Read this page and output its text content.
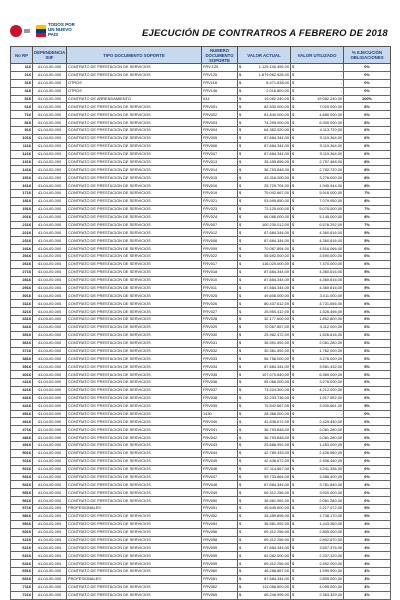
TODOS POR UN NUEVO PAÍS	EJECUCIÓN DE CONTRATROS A FEBRERO DE 2018
No RP	DEPENDENCIA SIIF	TIPO DOCUMENTO SOPORTE	NUMERO DOCUMENTO SOPORTE	VALOR ACTUAL		VALOR UTILIZADO		% EJECUCIÓN OBLIGACIONES
116	41-04-00-000	CONTRATO DE PRESTACION DE SERVICIOS	FRV-125	$	1.129.140.455,00	$	-	0%
216	41-04-00-000	CONTRATO DE PRESTACION DE SERVICIOS	FRV125	$	1.879.062.528,00	$	-	0%
316	41-04-00-000	OTROS	FRV118	$	8.471.838,00	$	-	0%
416	41-04-00-000	OTROS	FRV146	$	2.016.800,00	$	-	0%
516	41-04-00-000	CONTRATO DE ARRENDAMIENTO	034	$	19.082.240,00	$	19.082.240,00	100%
616	41-04-00-000	CONTRATO DE PRESTACION DE SERVICIOS	FRV001	$	82.830.000,00	$	7.020.000,00	8%
716	41-04-00-000	CONTRATO DE PRESTACION DE SERVICIOS	FRV002	$	81.840.000,00	$	4.680.000,00	6%
816	41-04-00-000	CONTRATO DE PRESTACION DE SERVICIOS	FRV003	$	74.295.000,00	$	6.300.000,00	8%
916	41-04-00-000	CONTRATO DE PRESTACION DE SERVICIOS	FRV004	$	64.382.520,00	$	4.113.720,00	6%
1016	41-04-00-000	CONTRATO DE PRESTACION DE SERVICIOS	FRV005	$	87.684.344,00	$	5.119.264,00	6%
1116	41-04-00-000	CONTRATO DE PRESTACION DE SERVICIOS	FRV006	$	87.684.344,00	$	5.119.264,00	6%
1216	41-04-00-000	CONTRATO DE PRESTACION DE SERVICIOS	FRV007	$	87.684.344,00	$	5.119.264,00	6%
1316	41-04-00-000	CONTRATO DE PRESTACION DE SERVICIOS	FRV013	$	35.459.896,00	$	2.757.468,00	8%
1416	41-04-00-000	CONTRATO DE PRESTACION DE SERVICIOS	FRV014	$	36.793.848,00	$	2.782.720,00	8%
1516	41-04-00-000	CONTRATO DE PRESTACION DE SERVICIOS	FRV015	$	43.316.000,00	$	3.276.000,00	8%
1616	41-04-00-000	CONTRATO DE PRESTACION DE SERVICIOS	FRV016	$	25.729.704,00	$	1.945.944,00	8%
1716	41-04-00-000	CONTRATO DE PRESTACION DE SERVICIOS	FRV019	$	79.042.667,00	$	5.916.000,00	7%
1816	41-04-00-000	CONTRATO DE PRESTACION DE SERVICIOS	FRV021	$	93.599.850,00	$	7.079.950,00	8%
1916	41-04-00-000	CONTRATO DE PRESTACION DE SERVICIOS	FRV023	$	73.125.000,00	$	5.070.000,00	7%
2016	41-04-00-000	CONTRATO DE PRESTACION DE SERVICIOS	FRV024	$	66.066.000,00	$	5.145.000,00	8%
2116	41-04-00-000	CONTRATO DE PRESTACION DE SERVICIOS	FRV007	$	100.230.012,00	$	6.576.292,00	7%
2216	41-04-00-000	CONTRATO DE PRESTACION DE SERVICIOS	FRV012	$	87.684.344,00	$	4.360.616,00	5%
2316	41-04-00-000	CONTRATO DE PRESTACION DE SERVICIOS	FRV008	$	87.684.344,00	$	4.360.616,00	5%
2416	41-04-00-000	CONTRATO DE PRESTACION DE SERVICIOS	FRV009	$	70.067.894,00	$	4.516.066,00	6%
2516	41-04-00-000	CONTRATO DE PRESTACION DE SERVICIOS	FRV022	$	55.692.000,00	$	3.590.000,00	6%
2616	41-04-00-000	CONTRATO DE PRESTACION DE SERVICIOS	FRV017	$	116.025.000,00	$	7.470.000,00	6%
2716	41-04-00-000	CONTRATO DE PRESTACION DE SERVICIOS	FRV018	$	87.684.344,00	$	4.360.616,00	5%
2816	41-04-00-000	CONTRATO DE PRESTACION DE SERVICIOS	FRV010	$	87.684.344,00	$	4.360.616,00	5%
2916	41-04-00-000	CONTRATO DE PRESTACION DE SERVICIOS	FRV011	$	87.684.344,00	$	4.360.616,00	5%
3016	41-04-00-000	CONTRATO DE PRESTACION DE SERVICIOS	FRV025	$	49.608.000,00	$	3.011.000,00	6%
3116	41-04-00-000	CONTRATO DE PRESTACION DE SERVICIOS	FRV026	$	80.437.612,00	$	4.731.656,00	6%
3216	41-04-00-000	CONTRATO DE PRESTACION DE SERVICIOS	FRV027	$	25.950.412,00	$	1.526.496,00	6%
3316	41-04-00-000	CONTRATO DE PRESTACION DE SERVICIOS	FRV028	$	32.177.600,00	$	1.892.800,00	6%
3416	41-04-00-000	CONTRATO DE PRESTACION DE SERVICIOS	FRV029	$	70.067.857,00	$	4.112.000,00	6%
3516	41-04-00-000	CONTRATO DE PRESTACION DE SERVICIOS	FRV030	$	25.982.472,00	$	1.526.616,00	6%
3616	41-04-00-000	CONTRATO DE PRESTACION DE SERVICIOS	FRV031	$	36.591.592,00	$	2.061.280,00	6%
3716	41-04-00-000	CONTRATO DE PRESTACION DE SERVICIOS	FRV032	$	30.381.592,00	$	1.782.000,00	6%
3816	41-04-00-000	CONTRATO DE PRESTACION DE SERVICIOS	FRV033	$	56.756.000,00	$	3.276.000,00	6%
3916	41-04-00-000	CONTRATO DE PRESTACION DE SERVICIOS	FRV034	$	87.684.344,00	$	3.981.432,00	5%
4016	41-04-00-000	CONTRATO DE PRESTACION DE SERVICIOS	FRV035	$	107.070.640,00	$	6.369.000,00	6%
4116	41-04-00-000	CONTRATO DE PRESTACION DE SERVICIOS	FRV036	$	55.066.000,00	$	3.276.000,00	6%
4216	41-04-00-000	CONTRATO DE PRESTACION DE SERVICIOS	FRV037	$	73.424.300,00	$	4.212.000,00	6%
4316	41-04-00-000	CONTRATO DE PRESTACION DE SERVICIOS	FRV038	$	32.233.736,00	$	1.917.552,00	6%
4416	41-04-00-000	CONTRATO DE PRESTACION DE SERVICIOS	FRV039	$	79.542.667,00	$	3.930.661,00	5%
4516	41-04-00-000	CONTRATO DE PRESTACION DE SERVICIOS	1430	$	28.366.000,00	$	-	0%
4616	41-04-00-000	CONTRATO DE PRESTACION DE SERVICIOS	FRV040	$	42.838.672,00	$	2.429.440,00	6%
4716	41-04-00-000	CONTRATO DE PRESTACION DE SERVICIOS	FRV041	$	36.793.848,00	$	2.081.280,00	6%
4816	41-04-00-000	CONTRATO DE PRESTACION DE SERVICIOS	FRV042	$	36.793.848,00	$	2.081.280,00	6%
4916	41-04-00-000	CONTRATO DE PRESTACION DE SERVICIOS	FRV043	$	25.686.992,00	$	1.453.000,00	6%
5016	41-04-00-000	CONTRATO DE PRESTACION DE SERVICIOS	FRV044	$	42.789.333,00	$	2.426.560,00	6%
5116	41-04-00-000	CONTRATO DE PRESTACION DE SERVICIOS	FRV045	$	42.436.672,00	$	2.406.440,00	6%
5216	41-04-00-000	CONTRATO DE PRESTACION DE SERVICIOS	FRV046	$	57.114.667,00	$	3.241.336,00	6%
5316	41-04-00-000	CONTRATO DE PRESTACION DE SERVICIOS	FRV047	$	59.733.864,00	$	3.388.400,00	6%
5416	41-04-00-000	CONTRATO DE PRESTACION DE SERVICIOS	FRV048	$	87.684.344,00	$	3.781.840,00	4%
5516	41-04-00-000	CONTRATO DE PRESTACION DE SERVICIOS	FRV049	$	69.312.256,00	$	3.920.000,00	6%
5616	41-04-00-000	CONTRATO DE PRESTACION DE SERVICIOS	FRV050	$	36.581.592,00	$	2.061.280,00	6%
5716	41-04-00-000	PROFESIONALES	FRV051	$	45.645.600,00	$	2.217.072,00	5%
5816	41-04-00-000	CONTRATO DE PRESTACION DE SERVICIOS	FRV052	$	35.459.896,00	$	1.738.170,00	5%
5916	41-04-00-000	CONTRATO DE PRESTACION DE SERVICIOS	FRV054	$	36.581.592,00	$	1.443.360,00	4%
6016	41-04-00-000	CONTRATO DE PRESTACION DE SERVICIOS	FRV056	$	69.312.256,00	$	2.805.000,00	4%
6116	41-04-00-000	CONTRATO DE PRESTACION DE SERVICIOS	FRV058	$	69.312.256,00	$	2.802.670,00	4%
6216	41-04-00-000	CONTRATO DE PRESTACION DE SERVICIOS	FRV059	$	87.684.344,00	$	3.507.376,00	4%
6316	41-04-00-000	CONTRATO DE PRESTACION DE SERVICIOS	FRV059	$	62.062.000,00	$	2.337.120,00	4%
6416	41-04-00-000	CONTRATO DE PRESTACION DE SERVICIOS	FRV059	$	69.312.256,00	$	2.492.000,00	4%
6516	41-04-00-000	CONTRATO DE PRESTACION DE SERVICIOS	FRV060	$	46.286.667,00	$	1.999.900,00	4%
6616	41-04-00-000	PROFESIONALES	FRV061	$	87.684.344,00	$	2.805.000,00	3%
7116	41-04-00-000	CONTRATO DE PRESTACION DE SERVICIOS	FRV062	$	111.066.600,00	$	4.095.000,00	4%
7216	41-04-00-000	CONTRATO DE PRESTACION DE SERVICIOS	FRV065	$	65.246.995,00	$	2.363.329,00	4%
